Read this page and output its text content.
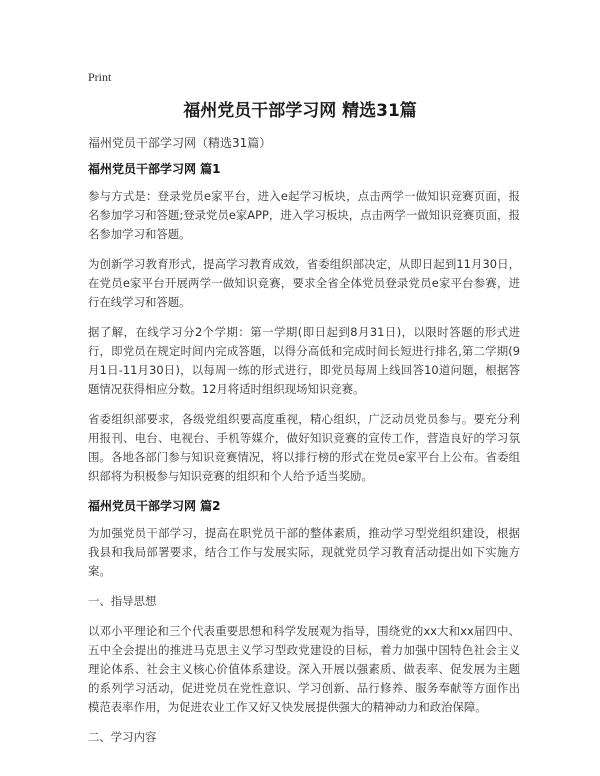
Print
福州党员干部学习网 精选31篇
福州党员干部学习网（精选31篇）
福州党员干部学习网 篇1

参与方式是：登录党员e家平台，进入e起学习板块，点击两学一做知识竞赛页面，报名参加学习和答题;登录党员e家APP，进入学习板块，点击两学一做知识竞赛页面，报名参加学习和答题。

为创新学习教育形式，提高学习教育成效，省委组织部决定，从即日起到11月30日，在党员e家平台开展两学一做知识竞赛，要求全省全体党员登录党员e家平台参赛，进行在线学习和答题。

据了解，在线学习分2个学期：第一学期(即日起到8月31日)，以限时答题的形式进行，即党员在规定时间内完成答题，以得分高低和完成时间长短进行排名,第二学期(9月1日-11月30日)，以每周一练的形式进行，即党员每周上线回答10道问题，根据答题情况获得相应分数。12月将适时组织现场知识竞赛。

省委组织部要求，各级党组织要高度重视，精心组织，广泛动员党员参与。要充分利用报刊、电台、电视台、手机等媒介，做好知识竞赛的宣传工作，营造良好的学习氛围。各地各部门参与知识竞赛情况，将以排行榜的形式在党员e家平台上公布。省委组织部将为积极参与知识竞赛的组织和个人给予适当奖励。

福州党员干部学习网 篇2

为加强党员干部学习，提高在职党员干部的整体素质，推动学习型党组织建设，根据我县和我局部署要求，结合工作与发展实际，现就党员学习教育活动提出如下实施方案。

一、指导思想

以邓小平理论和三个代表重要思想和科学发展观为指导，围绕党的xx大和xx届四中、五中全会提出的推进马克思主义学习型政党建设的目标，着力加强中国特色社会主义理论体系、社会主义核心价值体系建设。深入开展以强素质、做表率、促发展为主题的系列学习活动，促进党员在党性意识、学习创新、品行修养、服务奉献等方面作出模范表率作用，为促进农业工作又好又快发展提供强大的精神动力和政治保障。

二、学习内容
